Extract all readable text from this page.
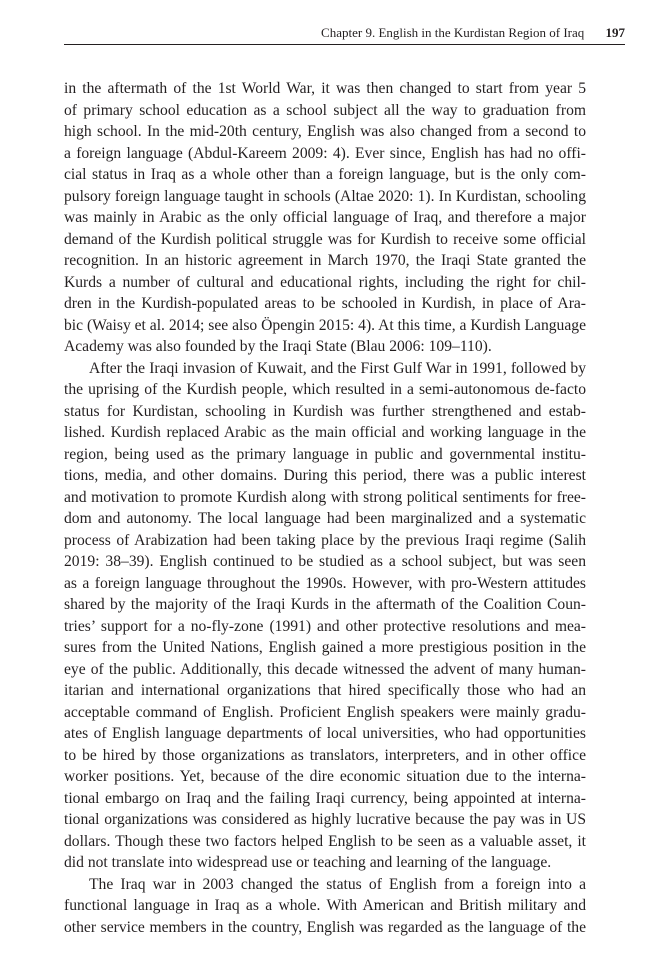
Chapter 9. English in the Kurdistan Region of Iraq 197
in the aftermath of the 1st World War, it was then changed to start from year 5
of primary school education as a school subject all the way to graduation from
high school. In the mid-20th century, English was also changed from a second to
a foreign language (Abdul-Kareem 2009: 4). Ever since, English has had no offi-
cial status in Iraq as a whole other than a foreign language, but is the only com-
pulsory foreign language taught in schools (Altae 2020: 1). In Kurdistan, schooling
was mainly in Arabic as the only official language of Iraq, and therefore a major
demand of the Kurdish political struggle was for Kurdish to receive some official
recognition. In an historic agreement in March 1970, the Iraqi State granted the
Kurds a number of cultural and educational rights, including the right for chil-
dren in the Kurdish-populated areas to be schooled in Kurdish, in place of Ara-
bic (Waisy et al. 2014; see also Öpengin 2015: 4). At this time, a Kurdish Language
Academy was also founded by the Iraqi State (Blau 2006: 109–110).
After the Iraqi invasion of Kuwait, and the First Gulf War in 1991, followed by
the uprising of the Kurdish people, which resulted in a semi-autonomous de-facto
status for Kurdistan, schooling in Kurdish was further strengthened and estab-
lished. Kurdish replaced Arabic as the main official and working language in the
region, being used as the primary language in public and governmental institu-
tions, media, and other domains. During this period, there was a public interest
and motivation to promote Kurdish along with strong political sentiments for free-
dom and autonomy. The local language had been marginalized and a systematic
process of Arabization had been taking place by the previous Iraqi regime (Salih
2019: 38–39). English continued to be studied as a school subject, but was seen
as a foreign language throughout the 1990s. However, with pro-Western attitudes
shared by the majority of the Iraqi Kurds in the aftermath of the Coalition Coun-
tries’ support for a no-fly-zone (1991) and other protective resolutions and mea-
sures from the United Nations, English gained a more prestigious position in the
eye of the public. Additionally, this decade witnessed the advent of many human-
itarian and international organizations that hired specifically those who had an
acceptable command of English. Proficient English speakers were mainly gradu-
ates of English language departments of local universities, who had opportunities
to be hired by those organizations as translators, interpreters, and in other office
worker positions. Yet, because of the dire economic situation due to the interna-
tional embargo on Iraq and the failing Iraqi currency, being appointed at interna-
tional organizations was considered as highly lucrative because the pay was in US
dollars. Though these two factors helped English to be seen as a valuable asset, it
did not translate into widespread use or teaching and learning of the language.
The Iraq war in 2003 changed the status of English from a foreign into a
functional language in Iraq as a whole. With American and British military and
other service members in the country, English was regarded as the language of the
